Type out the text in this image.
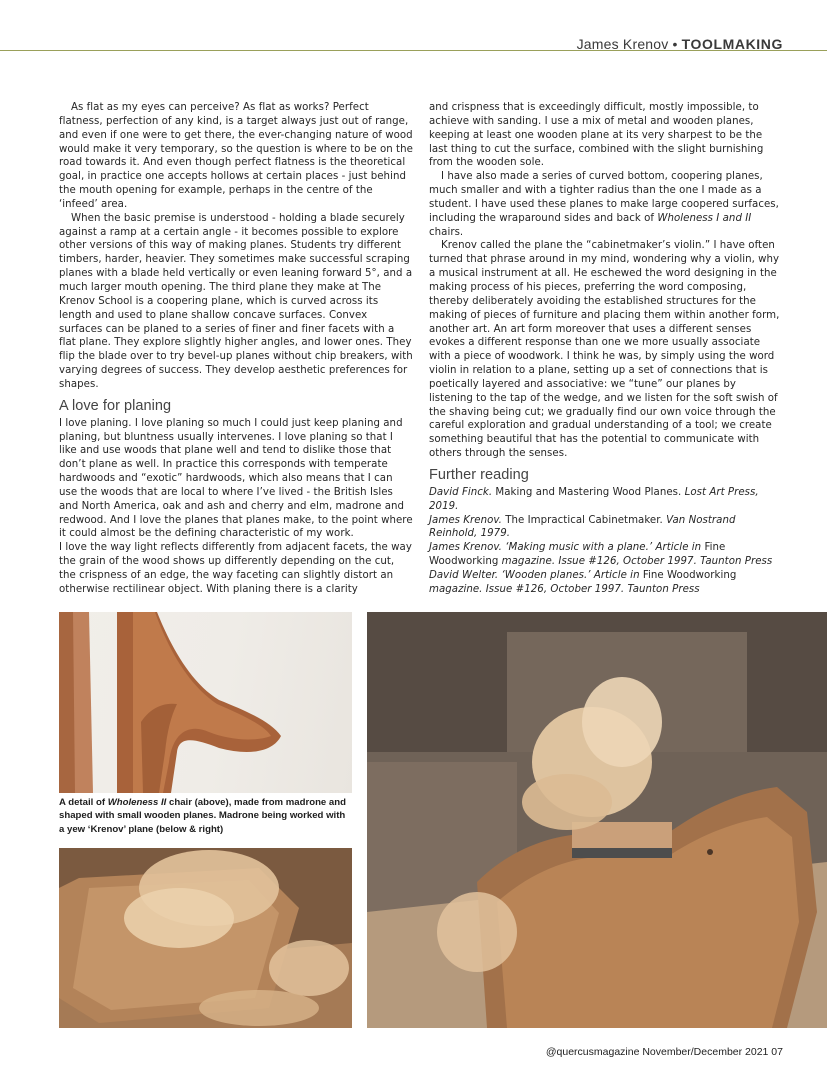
James Krenov • TOOLMAKING

As flat as my eyes can perceive? As flat as works? Perfect flatness, perfection of any kind, is a target always just out of range, and even if one were to get there, the ever-changing nature of wood would make it very temporary, so the question is where to be on the road towards it. And even though perfect flatness is the theoretical goal, in practice one accepts hollows at certain places - just behind the mouth opening for example, perhaps in the centre of the ‘infeed’ area.

When the basic premise is understood - holding a blade securely against a ramp at a certain angle - it becomes possible to explore other versions of this way of making planes. Students try different timbers, harder, heavier. They sometimes make successful scraping planes with a blade held vertically or even leaning forward 5°, and a much larger mouth opening. The third plane they make at The Krenov School is a coopering plane, which is curved across its length and used to plane shallow concave surfaces. Convex surfaces can be planed to a series of finer and finer facets with a flat plane. They explore slightly higher angles, and lower ones. They flip the blade over to try bevel-up planes without chip breakers, with varying degrees of success. They develop aesthetic preferences for shapes.

A love for planing

I love planing. I love planing so much I could just keep planing and planing, but bluntness usually intervenes. I love planing so that I like and use woods that plane well and tend to dislike those that don’t plane as well. In practice this corresponds with temperate hardwoods and “exotic” hardwoods, which also means that I can use the woods that are local to where I’ve lived - the British Isles and North America, oak and ash and cherry and elm, madrone and redwood. And I love the planes that planes make, to the point where it could almost be the defining characteristic of my work.

I love the way light reflects differently from adjacent facets, the way the grain of the wood shows up differently depending on the cut, the crispness of an edge, the way faceting can slightly distort an otherwise rectilinear object. With planing there is a clarity

and crispness that is exceedingly difficult, mostly impossible, to achieve with sanding. I use a mix of metal and wooden planes, keeping at least one wooden plane at its very sharpest to be the last thing to cut the surface, combined with the slight burnishing from the wooden sole.

I have also made a series of curved bottom, coopering planes, much smaller and with a tighter radius than the one I made as a student. I have used these planes to make large coopered surfaces, including the wraparound sides and back of Wholeness I and II chairs.

Krenov called the plane the “cabinetmaker’s violin.” I have often turned that phrase around in my mind, wondering why a violin, why a musical instrument at all. He eschewed the word designing in the making process of his pieces, preferring the word composing, thereby deliberately avoiding the established structures for the making of pieces of furniture and placing them within another form, another art. An art form moreover that uses a different senses evokes a different response than one we more usually associate with a piece of woodwork. I think he was, by simply using the word violin in relation to a plane, setting up a set of connections that is poetically layered and associative: we “tune” our planes by listening to the tap of the wedge, and we listen for the soft swish of the shaving being cut; we gradually find our own voice through the careful exploration and gradual understanding of a tool; we create something beautiful that has the potential to communicate with others through the senses.

Further reading

David Finck. Making and Mastering Wood Planes. Lost Art Press, 2019.

James Krenov. The Impractical Cabinetmaker. Van Nostrand Reinhold, 1979.

James Krenov. ‘Making music with a plane.’ Article in Fine Woodworking magazine. Issue #126, October 1997. Taunton Press

David Welter. ‘Wooden planes.’ Article in Fine Woodworking magazine. Issue #126, October 1997. Taunton Press

A detail of Wholeness II chair (above), made from madrone and shaped with small wooden planes. Madrone being worked with a yew ‘Krenov’ plane (below & right)
@quercusmagazine November/December 2021 07
